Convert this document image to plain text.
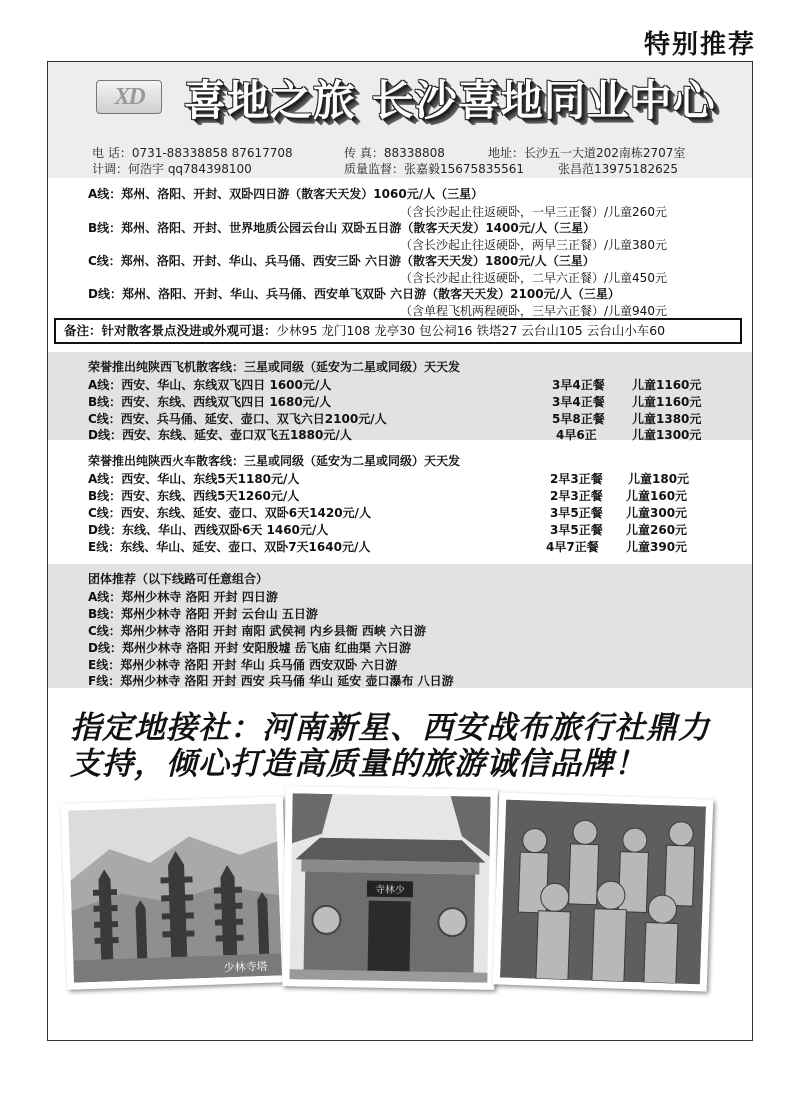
特别推荐
XD 喜地之旅 长沙喜地同业中心
电 话：0731-88338858 87617708	传 真：88338808	地址：长沙五一大道202南栋2707室
计调：何浩宇 qq784398100	质量监督：张嘉毅15675835561	张昌范13975182625
A线：郑州、洛阳、开封、双卧四日游（散客天天发）1060元/人（三星）
（含长沙起止往返硬卧，一早三正餐）/儿童260元
B线：郑州、洛阳、开封、世界地质公园云台山 双卧五日游（散客天天发）1400元/人（三星）
（含长沙起止往返硬卧，两早三正餐）/儿童380元
C线：郑州、洛阳、开封、华山、兵马俑、西安三卧 六日游（散客天天发）1800元/人（三星）
（含长沙起止往返硬卧，二早六正餐）/儿童450元
D线：郑州、洛阳、开封、华山、兵马俑、西安单飞双卧 六日游（散客天天发）2100元/人（三星）
（含单程飞机两程硬卧，三早六正餐）/儿童940元
备注：针对散客景点没进或外观可退：少林95 龙门108 龙亭30 包公祠16 铁塔27 云台山105 云台山小车60
荣誉推出纯陕西飞机散客线：三星或同级（延安为二星或同级）天天发
A线：西安、华山、东线双飞四日 1600元/人	3早4正餐 儿童1160元
B线：西安、东线、西线双飞四日 1680元/人	3早4正餐 儿童1160元
C线：西安、兵马俑、延安、壶口、双飞六日2100元/人	5早8正餐 儿童1380元
D线：西安、东线、延安、壶口双飞五1880元/人	4早6正	儿童1300元
荣誉推出纯陕西火车散客线：三星或同级（延安为二星或同级）天天发
A线：西安、华山、东线5天1180元/人	2早3正餐 儿童180元
B线：西安、东线、西线5天1260元/人	2早3正餐 儿童160元
C线：西安、东线、延安、壶口、双卧6天1420元/人	3早5正餐 儿童300元
D线：东线、华山、西线双卧6天 1460元/人	3早5正餐 儿童260元
E线：东线、华山、延安、壶口、双卧7天1640元/人	4早7正餐 儿童390元
团体推荐（以下线路可任意组合）
A线：郑州少林寺 洛阳 开封 四日游
B线：郑州少林寺 洛阳 开封 云台山 五日游
C线：郑州少林寺 洛阳 开封 南阳 武侯祠 内乡县衙 西峡 六日游
D线：郑州少林寺 洛阳 开封 安阳殷墟 岳飞庙 红曲渠 六日游
E线：郑州少林寺 洛阳 开封 华山 兵马俑 西安双卧 六日游
F线：郑州少林寺 洛阳 开封 西安 兵马俑 华山 延安 壶口瀑布 八日游
指定地接社：河南新星、西安战布旅行社鼎力
支持，倾心打造高质量的旅游诚信品牌！
少林寺塔
寺林少
